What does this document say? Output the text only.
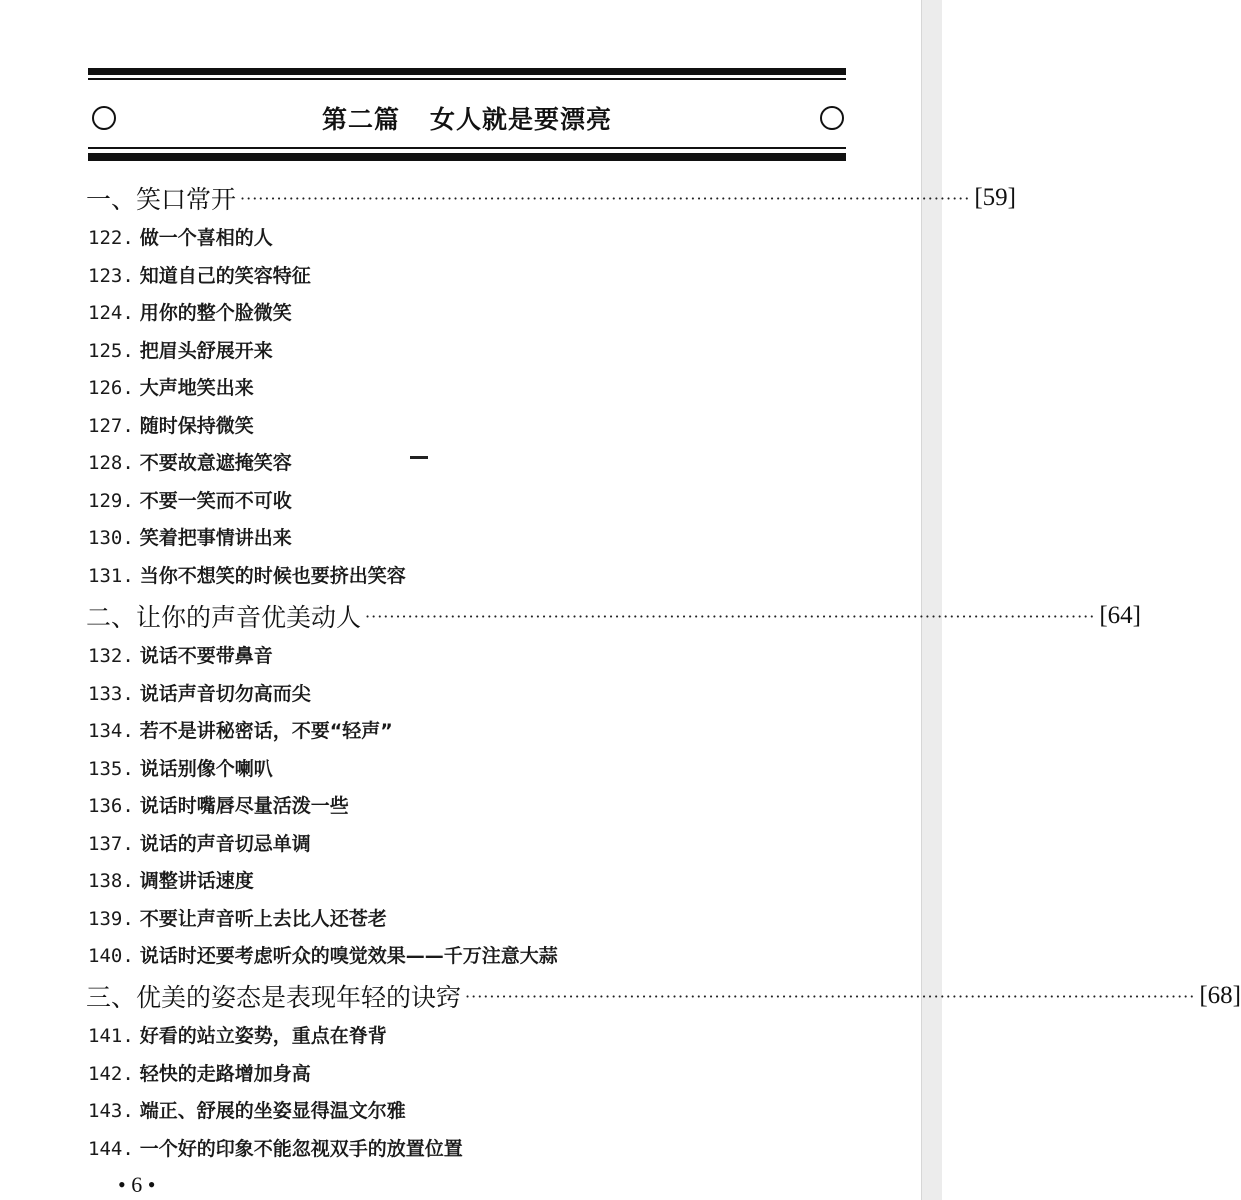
第二篇 女人就是要漂亮
一、笑口常开 ························································································································ [59]
122. 做一个喜相的人
123. 知道自己的笑容特征
124. 用你的整个脸微笑
125. 把眉头舒展开来
126. 大声地笑出来
127. 随时保持微笑
128. 不要故意遮掩笑容
129. 不要一笑而不可收
130. 笑着把事情讲出来
131. 当你不想笑的时候也要挤出笑容
二、让你的声音优美动人 ························································································································ [64]
132. 说话不要带鼻音
133. 说话声音切勿高而尖
134. 若不是讲秘密话，不要“轻声”
135. 说话别像个喇叭
136. 说话时嘴唇尽量活泼一些
137. 说话的声音切忌单调
138. 调整讲话速度
139. 不要让声音听上去比人还苍老
140. 说话时还要考虑听众的嗅觉效果——千万注意大蒜
三、优美的姿态是表现年轻的诀窍 ························································································································ [68]
141. 好看的站立姿势，重点在脊背
142. 轻快的走路增加身高
143. 端正、舒展的坐姿显得温文尔雅
144. 一个好的印象不能忽视双手的放置位置
• 6 •
